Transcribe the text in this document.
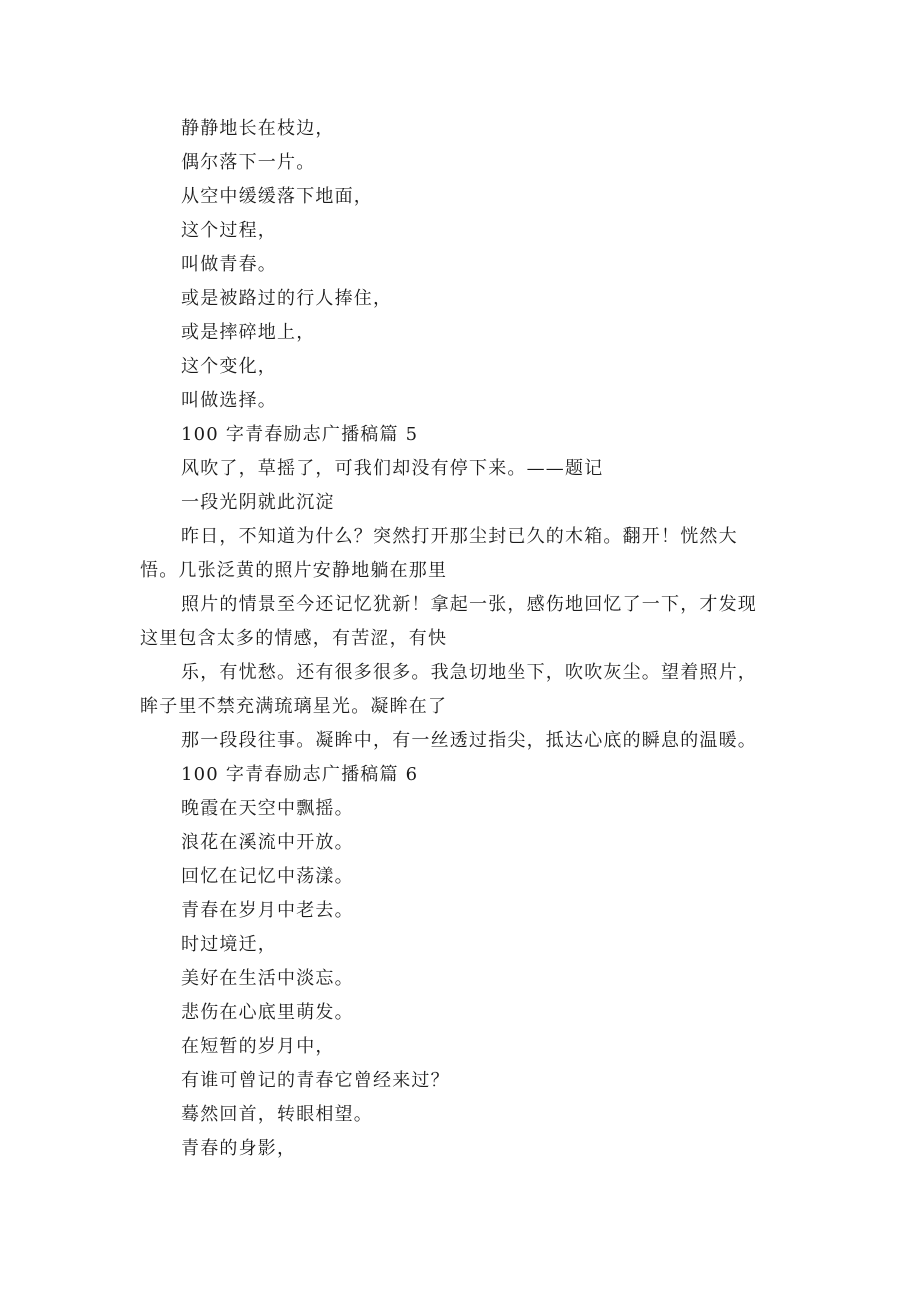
静静地长在枝边，

偶尔落下一片。

从空中缓缓落下地面，

这个过程，

叫做青春。

或是被路过的行人捧住，

或是摔碎地上，

这个变化，

叫做选择。

100 字青春励志广播稿篇 5

风吹了，草摇了，可我们却没有停下来。——题记

一段光阴就此沉淀

昨日，不知道为什么？突然打开那尘封已久的木箱。翻开！恍然大悟。几张泛黄的照片安静地躺在那里

照片的情景至今还记忆犹新！拿起一张，感伤地回忆了一下，才发现这里包含太多的情感，有苦涩，有快

乐，有忧愁。还有很多很多。我急切地坐下，吹吹灰尘。望着照片，眸子里不禁充满琉璃星光。凝眸在了

那一段段往事。凝眸中，有一丝透过指尖，抵达心底的瞬息的温暖。

100 字青春励志广播稿篇 6

晚霞在天空中飘摇。

浪花在溪流中开放。

回忆在记忆中荡漾。

青春在岁月中老去。

时过境迁，

美好在生活中淡忘。

悲伤在心底里萌发。

在短暂的岁月中，

有谁可曾记的青春它曾经来过？

蓦然回首，转眼相望。

青春的身影，
